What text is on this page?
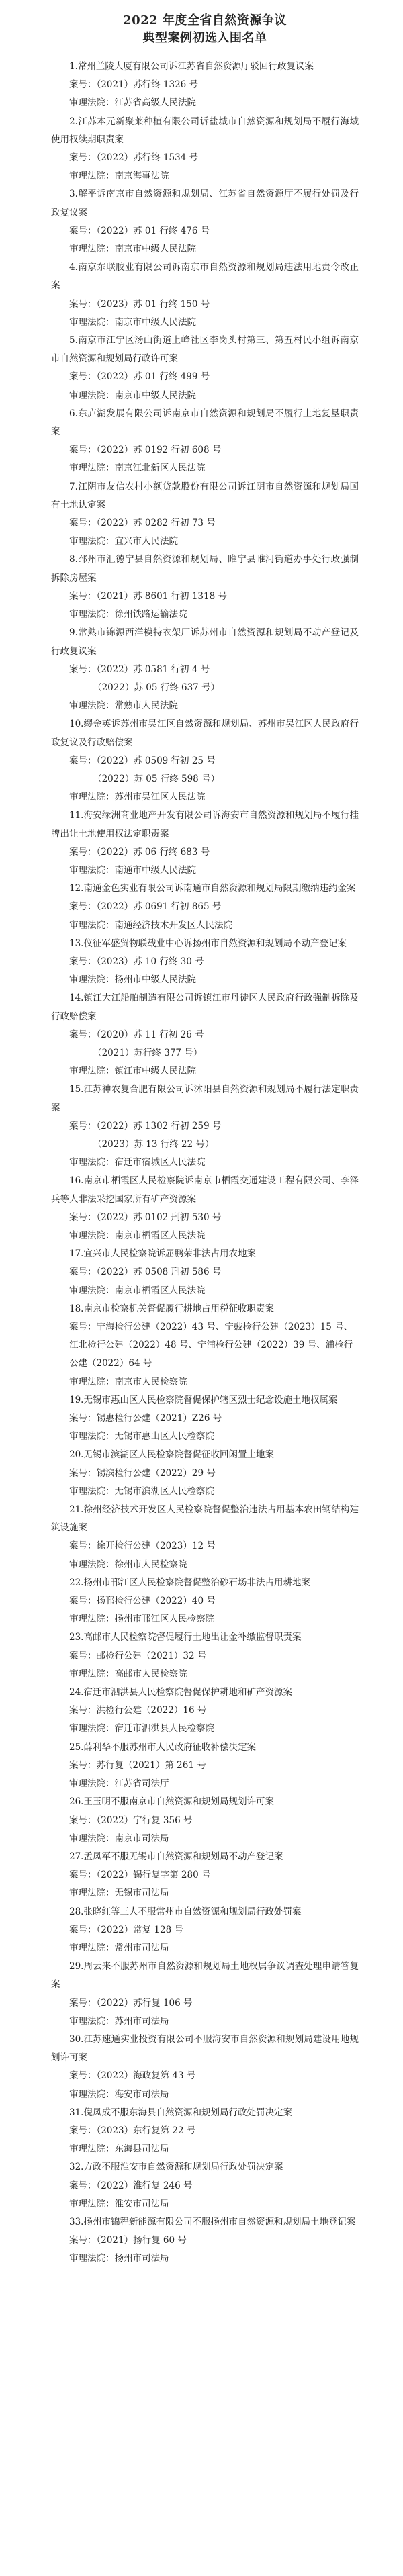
2022 年度全省自然资源争议
典型案例初选入围名单
1.常州兰陵大厦有限公司诉江苏省自然资源厅驳回行政复议案
案号：（2021）苏行终 1326 号
审理法院：江苏省高级人民法院
2.江苏本元新聚莱种植有限公司诉盐城市自然资源和规划局不履行海域使用权续期职责案
案号：（2022）苏行终 1534 号
审理法院：南京海事法院
3.解平诉南京市自然资源和规划局、江苏省自然资源厅不履行处罚及行政复议案
案号：（2022）苏 01 行终 476 号
审理法院：南京市中级人民法院
4.南京东联胶业有限公司诉南京市自然资源和规划局违法用地责令改正案
案号：（2023）苏 01 行终 150 号
审理法院：南京市中级人民法院
5.南京市江宁区汤山街道上峰社区李岗头村第三、第五村民小组诉南京市自然资源和规划局行政许可案
案号：（2022）苏 01 行终 499 号
审理法院：南京市中级人民法院
6.东庐湖发展有限公司诉南京市自然资源和规划局不履行土地复垦职责案
案号：（2022）苏 0192 行初 608 号
审理法院：南京江北新区人民法院
7.江阴市友信农村小额贷款股份有限公司诉江阴市自然资源和规划局国有土地认定案
案号：（2022）苏 0282 行初 73 号
审理法院：宜兴市人民法院
8.邳州市汇德宁县自然资源和规划局、睢宁县睢河街道办事处行政强制拆除房屋案
案号：（2021）苏 8601 行初 1318 号
审理法院：徐州铁路运输法院
9.常熟市锦源西洋模特衣架厂诉苏州市自然资源和规划局不动产登记及行政复议案
案号：（2022）苏 0581 行初 4 号
（2022）苏 05 行终 637 号）
审理法院：常熟市人民法院
10.缪金英诉苏州市吴江区自然资源和规划局、苏州市吴江区人民政府行政复议及行政赔偿案
案号：（2022）苏 0509 行初 25 号
（2022）苏 05 行终 598 号）
审理法院：苏州市吴江区人民法院
11.海安绿洲商业地产开发有限公司诉海安市自然资源和规划局不履行挂牌出让土地使用权法定职责案
案号：（2022）苏 06 行终 683 号
审理法院：南通市中级人民法院
12.南通金色实业有限公司诉南通市自然资源和规划局限期缴纳违约金案
案号：（2022）苏 0691 行初 865 号
审理法院：南通经济技术开发区人民法院
13.仪征军盛贸物联载业中心诉扬州市自然资源和规划局不动产登记案
案号：（2023）苏 10 行终 30 号
审理法院：扬州市中级人民法院
14.镇江大江船舶制造有限公司诉镇江市丹徒区人民政府行政强制拆除及行政赔偿案
案号：（2020）苏 11 行初 26 号
（2021）苏行终 377 号）
审理法院：镇江市中级人民法院
15.江苏神农复合肥有限公司诉沭阳县自然资源和规划局不履行法定职责案
案号：（2022）苏 1302 行初 259 号
（2023）苏 13 行终 22 号）
审理法院：宿迁市宿城区人民法院
16.南京市栖霞区人民检察院诉南京市栖霞交通建设工程有限公司、李泽兵等人非法采挖国家所有矿产资源案
案号：（2022）苏 0102 刑初 530 号
审理法院：南京市栖霞区人民法院
17.宜兴市人民检察院诉屈鹏荣非法占用农地案
案号：（2022）苏 0508 刑初 586 号
审理法院：南京市栖霞区人民法院
18.南京市检察机关督促履行耕地占用税征收职责案
案号：宁海检行公建（2022）43 号、宁鼓检行公建（2023）15 号、江北检行公建（2022）48 号、宁浦检行公建（2022）39 号、浦检行公建（2022）64 号
审理法院：南京市人民检察院
19.无锡市惠山区人民检察院督促保护辖区烈士纪念设施土地权属案
案号：锡惠检行公建（2021）Z26 号
审理法院：无锡市惠山区人民检察院
20.无锡市滨湖区人民检察院督促征收回闲置土地案
案号：锡滨检行公建（2022）29 号
审理法院：无锡市滨湖区人民检察院
21.徐州经济技术开发区人民检察院督促整治违法占用基本农田钢结构建筑设施案
案号：徐开检行公建（2023）12 号
审理法院：徐州市人民检察院
22.扬州市邗江区人民检察院督促整治砂石场非法占用耕地案
案号：扬邗检行公建（2022）40 号
审理法院：扬州市邗江区人民检察院
23.高邮市人民检察院督促履行土地出让金补缴监督职责案
案号：邮检行公建（2021）32 号
审理法院：高邮市人民检察院
24.宿迁市泗洪县人民检察院督促保护耕地和矿产资源案
案号：洪检行公建（2022）16 号
审理法院：宿迁市泗洪县人民检察院
25.薛利华不服苏州市人民政府征收补偿决定案
案号：苏行复（2021）第 261 号
审理法院：江苏省司法厅
26.王玉明不服南京市自然资源和规划局规划许可案
案号：（2022）宁行复 356 号
审理法院：南京市司法局
27.孟凤军不服无锡市自然资源和规划局不动产登记案
案号：（2022）锡行复字第 280 号
审理法院：无锡市司法局
28.张晓红等三人不服常州市自然资源和规划局行政处罚案
案号：（2022）常复 128 号
审理法院：常州市司法局
29.周云来不服苏州市自然资源和规划局土地权属争议调查处理申请答复案
案号：（2022）苏行复 106 号
审理法院：苏州市司法局
30.江苏速通实业投资有限公司不服海安市自然资源和规划局建设用地规划许可案
案号：（2022）海政复第 43 号
审理法院：海安市司法局
31.倪凤成不服东海县自然资源和规划局行政处罚决定案
案号：（2023）东行复第 22 号
审理法院：东海县司法局
32.方政不服淮安市自然资源和规划局行政处罚决定案
案号：（2022）淮行复 246 号
审理法院：淮安市司法局
33.扬州市锦程新能源有限公司不服扬州市自然资源和规划局土地登记案
案号：（2021）扬行复 60 号
审理法院：扬州市司法局
